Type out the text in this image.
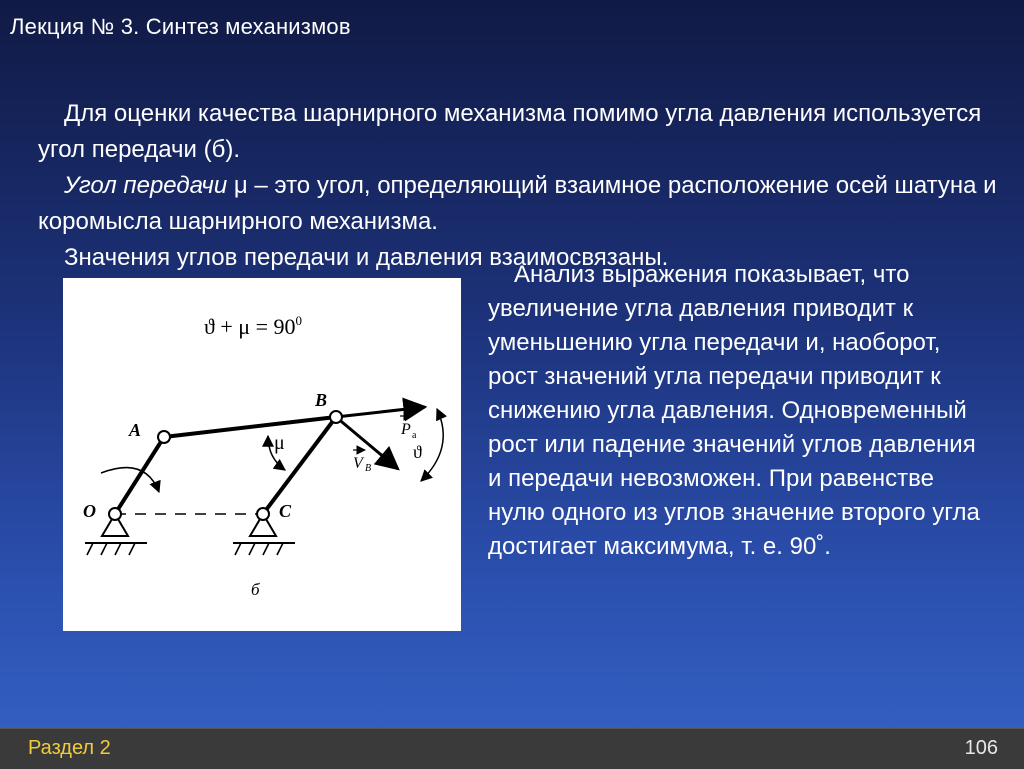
Лекция № 3. Синтез механизмов

Для оценки качества шарнирного механизма помимо угла давления используется угол передачи (б).

Угол передачи μ – это угол, определяющий взаимное расположение осей шатуна и коромысла шарнирного механизма.

Значения углов передачи и давления взаимосвязаны.

$ϑ + \mu = 90^0$
A
B
O	C
μ	ϑ
P a
V B
б

Анализ выражения показывает, что увеличение угла давления приводит к уменьшению угла передачи и, наоборот, рост значений угла передачи приводит к снижению угла давления. Одновременный рост или падение значений углов давления и передачи невозможен. При равенстве нулю одного из углов значение второго угла достигает максимума, т. е. 90˚.

Раздел 2	106
